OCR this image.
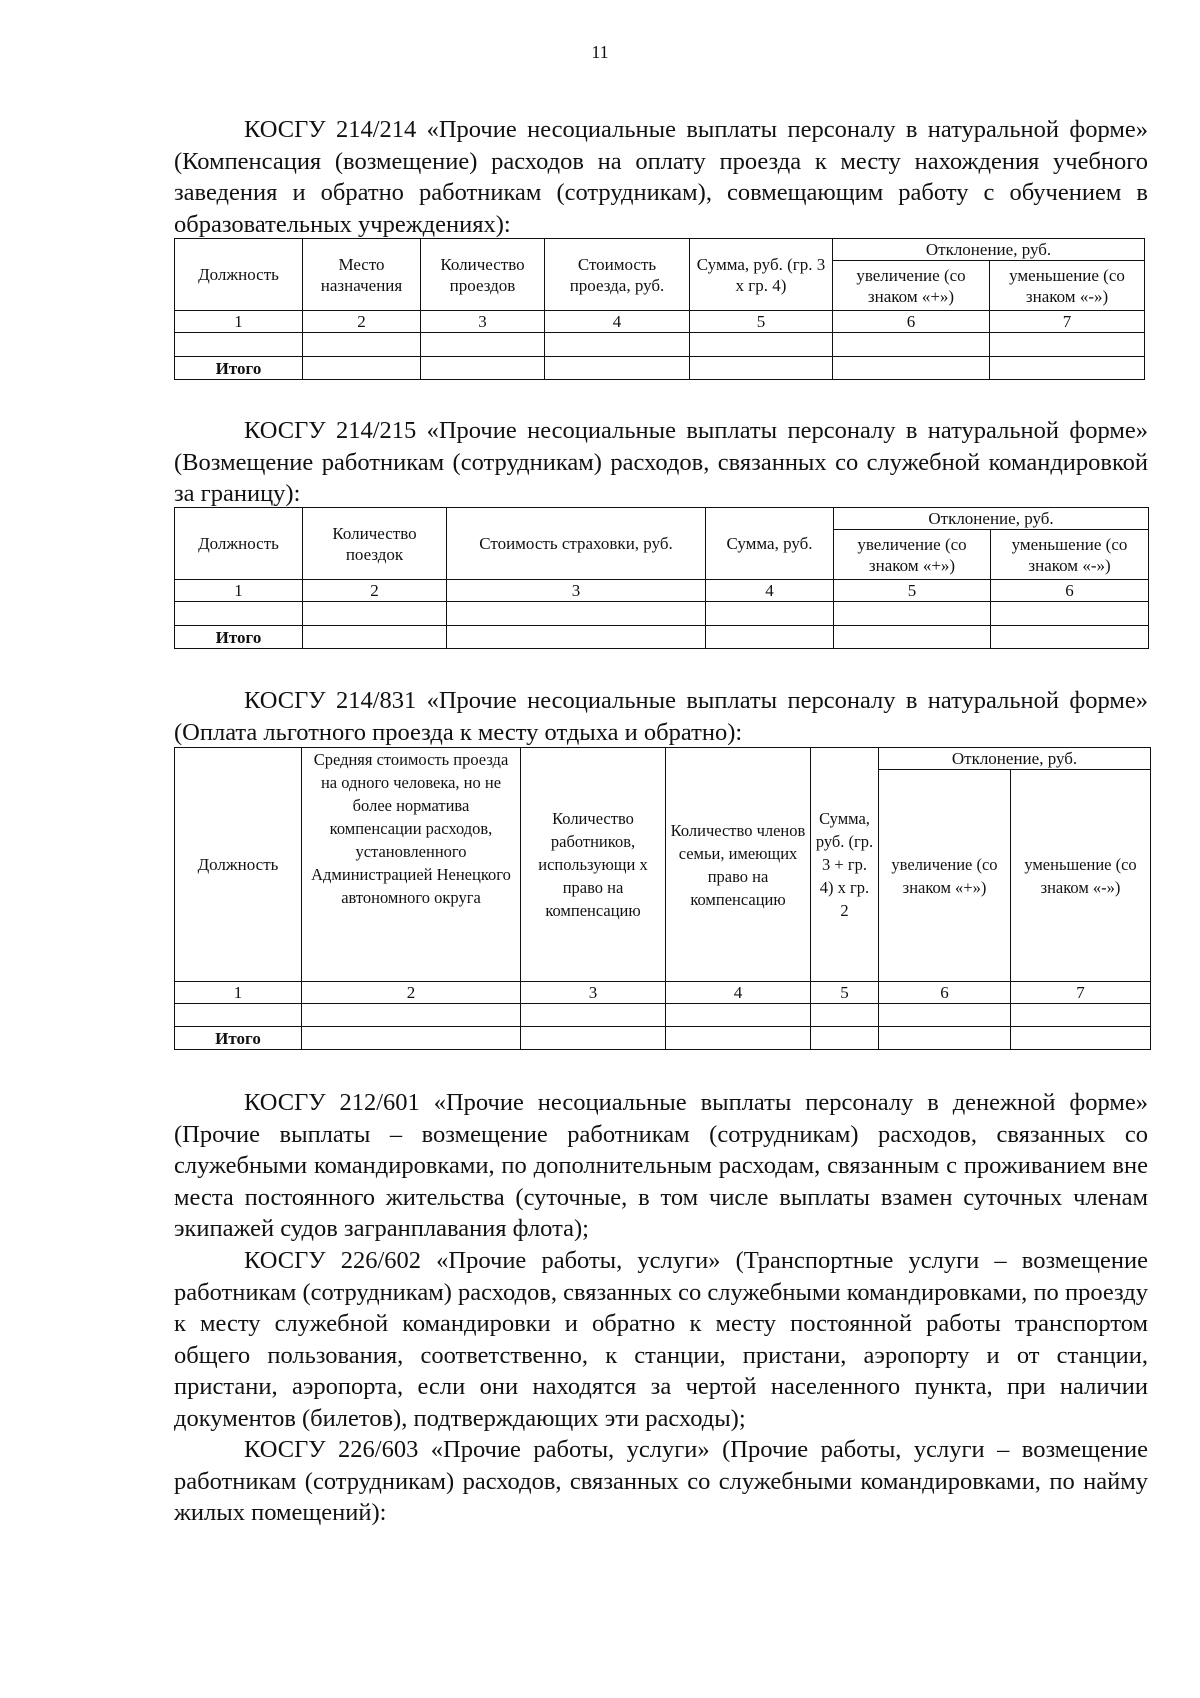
11

КОСГУ 214/214 «Прочие несоциальные выплаты персоналу в натуральной форме» (Компенсация (возмещение) расходов на оплату проезда к месту нахождения учебного заведения и обратно работникам (сотрудникам), совмещающим работу с обучением в образовательных учреждениях):

Должность	Место назначения	Количество проездов	Стоимость проезда, руб.	Сумма, руб. (гр. 3 х гр. 4)	Отклонение, руб.	
					увеличение (со знаком «+»)	уменьшение (со знаком «-»)
1	2	3	4	5	6	7

Итого						

КОСГУ 214/215 «Прочие несоциальные выплаты персоналу в натуральной форме» (Возмещение работникам (сотрудникам) расходов, связанных со служебной командировкой за границу):

Должность	Количество поездок	Стоимость страховки, руб.	Сумма, руб.	Отклонение, руб.	
				увеличение (со знаком «+»)	уменьшение (со знаком «-»)
1	2	3	4	5	6

Итого					

КОСГУ 214/831 «Прочие несоциальные выплаты персоналу в натуральной форме» (Оплата льготного проезда к месту отдыха и обратно):

Должность	Средняя стоимость проезда на одного человека, но не более норматива компенсации расходов, установленного Администрацией Ненецкого автономного округа	Количество работников, использующи х право на компенсацию	Количество членов семьи, имеющих право на компенсацию	Сумма, руб. (гр. 3 + гр. 4) х гр. 2	Отклонение, руб.	
					увеличение (со знаком «+»)	уменьшение (со знаком «-»)
1	2	3	4	5	6	7

Итого						

КОСГУ 212/601 «Прочие несоциальные выплаты персоналу в денежной форме» (Прочие выплаты – возмещение работникам (сотрудникам) расходов, связанных со служебными командировками, по дополнительным расходам, связанным с проживанием вне места постоянного жительства (суточные, в том числе выплаты взамен суточных членам экипажей судов загранплавания флота);

КОСГУ 226/602 «Прочие работы, услуги» (Транспортные услуги – возмещение работникам (сотрудникам) расходов, связанных со служебными командировками, по проезду к месту служебной командировки и обратно к месту постоянной работы транспортом общего пользования, соответственно, к станции, пристани, аэропорту и от станции, пристани, аэропорта, если они находятся за чертой населенного пункта, при наличии документов (билетов), подтверждающих эти расходы);

КОСГУ 226/603 «Прочие работы, услуги» (Прочие работы, услуги – возмещение работникам (сотрудникам) расходов, связанных со служебными командировками, по найму жилых помещений):
